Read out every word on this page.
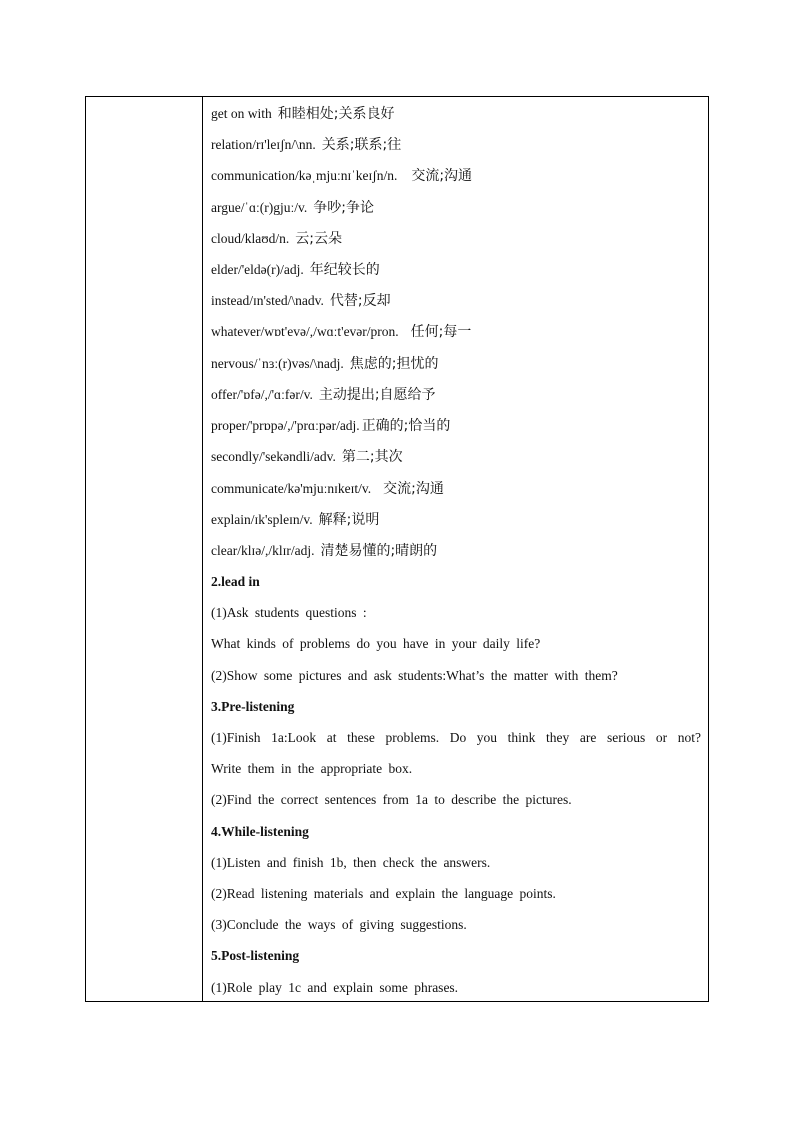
get on with 和睦相处;关系良好
relation/rɪ'leɪʃn/\nn. 关系;联系;往
communication/kəˌmjuːnɪˈkeɪʃn/n. 交流;沟通
argue/ˈɑː(r)gjuː/v. 争吵;争论
cloud/klaʊd/n. 云;云朵
elder/'eldə(r)/adj. 年纪较长的
instead/ɪn'sted/\nadv. 代替;反却
whatever/wɒt'evə/,/wɑːt'evər/pron. 任何;每一
nervous/ˈnɜː(r)vəs/\nadj. 焦虑的;担忧的
offer/'ɒfə/,/'ɑːfər/v. 主动提出;自愿给予
proper/'prɒpə/,/'prɑːpər/adj. 正确的;恰当的
secondly/'sekəndli/adv. 第二;其次
communicate/kə'mjuːnɪkeɪt/v. 交流;沟通
explain/ɪk'spleɪn/v. 解释;说明
clear/klɪə/,/klɪr/adj. 清楚易懂的;晴朗的
2.lead in
(1)Ask students questions :
What kinds of problems do you have in your daily life?
(2)Show some pictures and ask students:What’s the matter with them?
3.Pre-listening
(1)Finish 1a:Look at these problems. Do you think they are serious or not?
Write them in the appropriate box.
(2)Find the correct sentences from 1a to describe the pictures.
4.While-listening
(1)Listen and finish 1b, then check the answers.
(2)Read listening materials and explain the language points.
(3)Conclude the ways of giving suggestions.
5.Post-listening
(1)Role play 1c and explain some phrases.
